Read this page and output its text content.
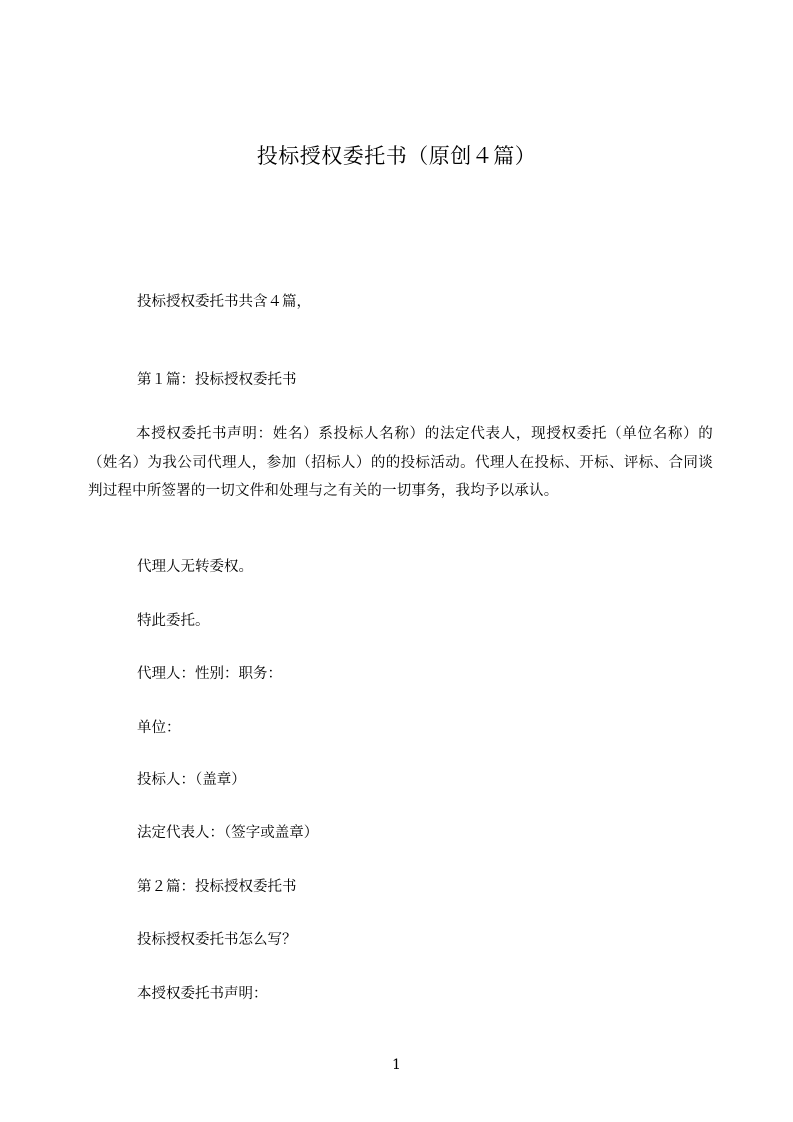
投标授权委托书（原创４篇）

投标授权委托书共含４篇，

第１篇：投标授权委托书

本授权委托书声明：姓名）系投标人名称）的法定代表人，现授权委托（单位名称）的（姓名）为我公司代理人，参加（招标人）的的投标活动。代理人在投标、开标、评标、合同谈判过程中所签署的一切文件和处理与之有关的一切事务，我均予以承认。

代理人无转委权。

特此委托。

代理人：性别：职务：

单位：

投标人：（盖章）

法定代表人：（签字或盖章）

第２篇：投标授权委托书

投标授权委托书怎么写？

本授权委托书声明：

1
